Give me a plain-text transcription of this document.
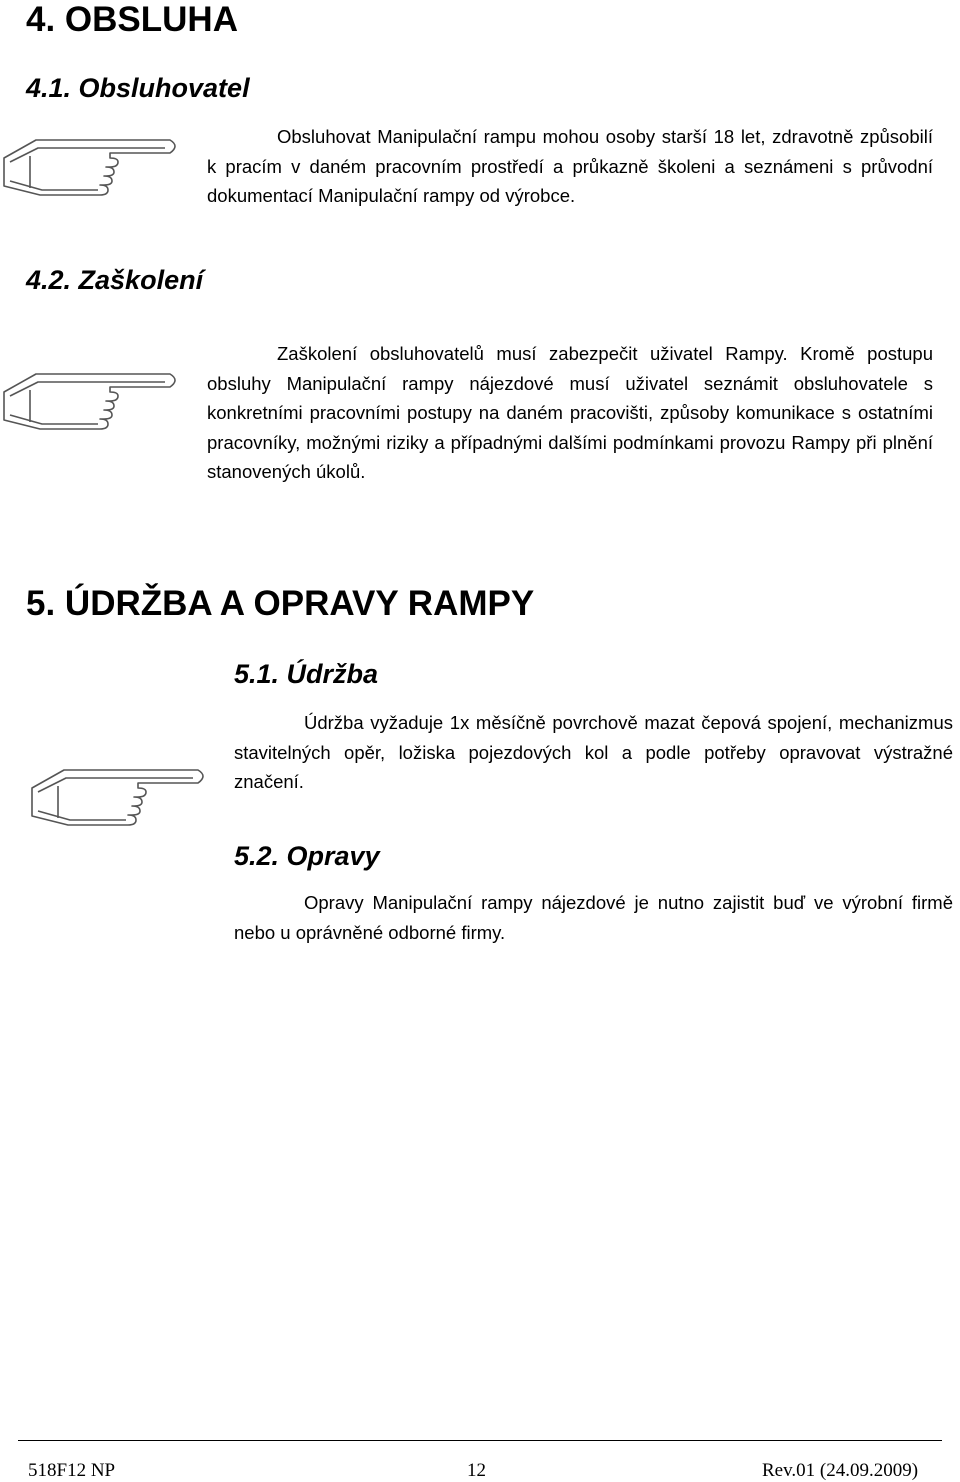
4. OBSLUHA
4.1. Obsluhovatel

Obsluhovat Manipulační rampu mohou osoby starší 18 let, zdravotně způsobilí k pracím v daném pracovním prostředí a průkazně školeni a seznámeni s průvodní dokumentací Manipulační rampy od výrobce.

4.2. Zaškolení

Zaškolení obsluhovatelů musí zabezpečit uživatel Rampy. Kromě postupu obsluhy Manipulační rampy nájezdové musí uživatel seznámit obsluhovatele s konkretními pracovními postupy na daném pracovišti, způsoby komunikace s ostatními pracovníky, možnými riziky a případnými dalšími podmínkami provozu Rampy při plnění stanovených úkolů.

5. ÚDRŽBA A OPRAVY RAMPY
5.1. Údržba

Údržba vyžaduje 1x měsíčně povrchově mazat čepová spojení, mechanizmus stavitelných opěr, ložiska pojezdových kol a podle potřeby opravovat výstražné značení.

5.2. Opravy

Opravy Manipulační rampy nájezdové je nutno zajistit buď ve výrobní firmě nebo u oprávněné odborné firmy.

518F12 NP	12	Rev.01 (24.09.2009)
